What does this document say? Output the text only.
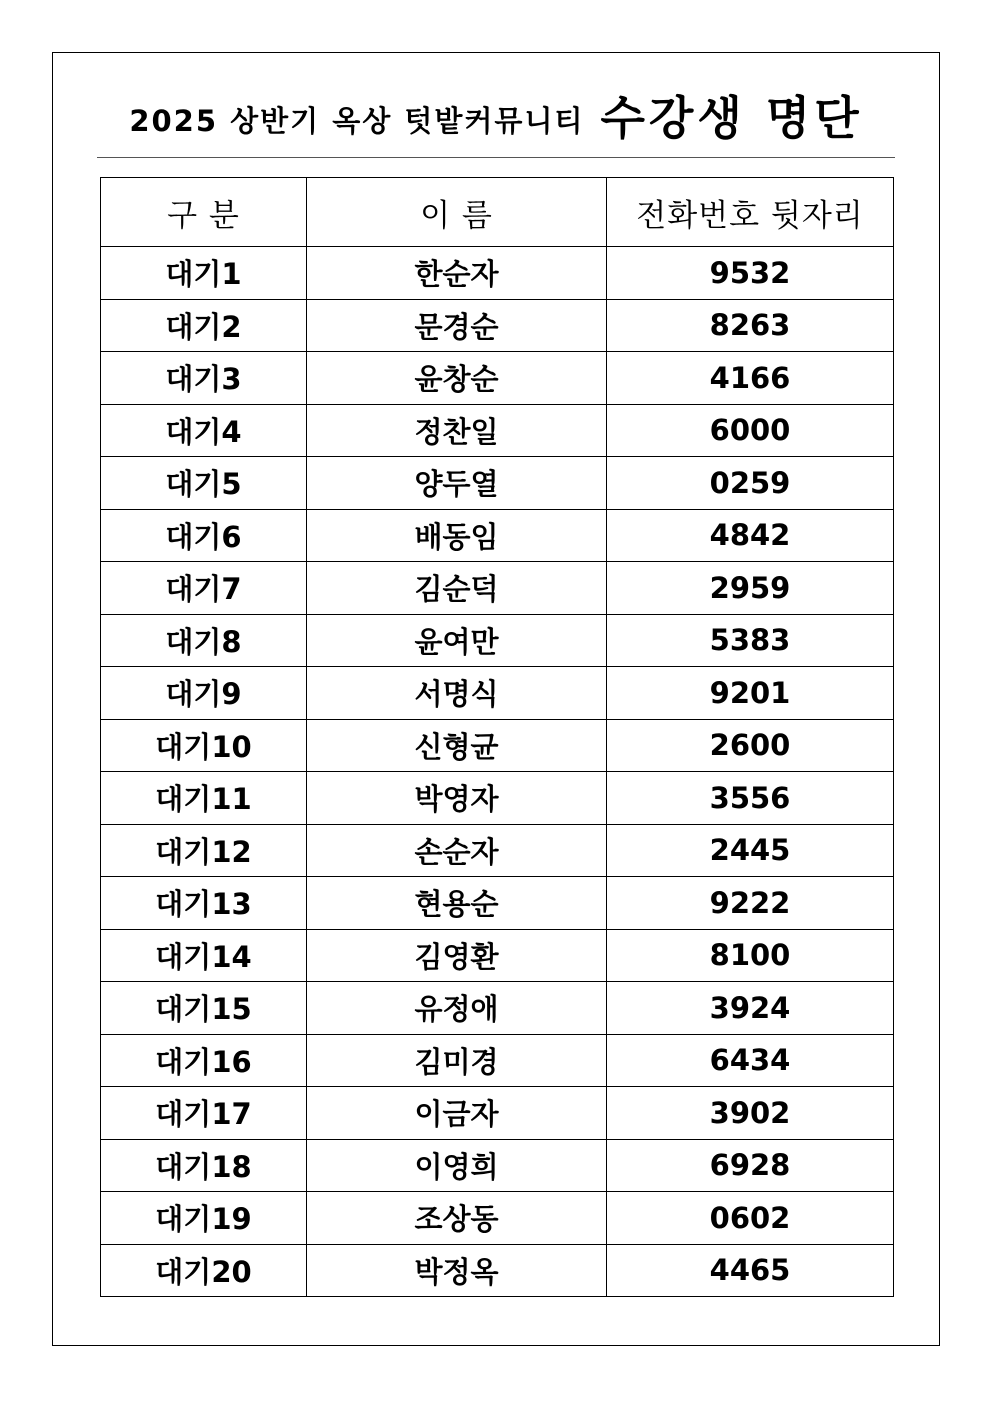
2025 상반기 옥상 텃밭커뮤니티 수강생 명단
구 분	이 름	전화번호 뒷자리
대기1	한순자	9532
대기2	문경순	8263
대기3	윤창순	4166
대기4	정찬일	6000
대기5	양두열	0259
대기6	배동임	4842
대기7	김순덕	2959
대기8	윤여만	5383
대기9	서명식	9201
대기10	신형균	2600
대기11	박영자	3556
대기12	손순자	2445
대기13	현용순	9222
대기14	김영환	8100
대기15	유정애	3924
대기16	김미경	6434
대기17	이금자	3902
대기18	이영희	6928
대기19	조상동	0602
대기20	박정옥	4465
